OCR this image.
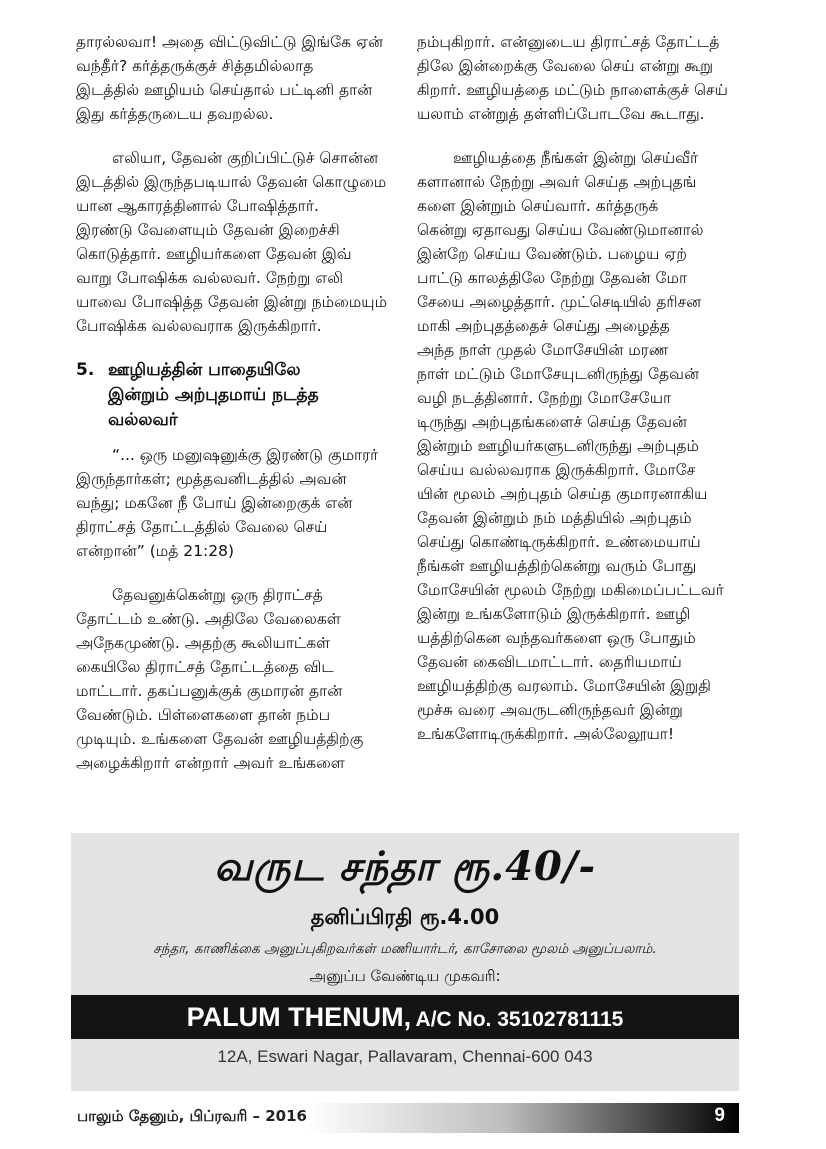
தாரல்லவா! அதை விட்டுவிட்டு இங்கே ஏன்
வந்தீர்? கர்த்தருக்குச் சித்தமில்லாத
இடத்தில் ஊழியம் செய்தால் பட்டினி தான்
இது கர்த்தருடைய தவறல்ல.
எலியா, தேவன் குறிப்பிட்டுச் சொன்ன
இடத்தில் இருந்தபடியால் தேவன் கொழுமை
யான ஆகாரத்தினால் போஷித்தார்.
இரண்டு வேளையும் தேவன் இறைச்சி
கொடுத்தார். ஊழியர்களை தேவன் இவ்
வாறு போஷிக்க வல்லவர். நேற்று எலி
யாவை போஷித்த தேவன் இன்று நம்மையும்
போஷிக்க வல்லவராக இருக்கிறார்.
5. ஊழியத்தின் பாதையிலே
இன்றும் அற்புதமாய் நடத்த
வல்லவர்
“... ஒரு மனுஷனுக்கு இரண்டு குமாரர்
இருந்தார்கள்; மூத்தவனிடத்தில் அவன்
வந்து; மகனே நீ போய் இன்றைகுக் என்
திராட்சத் தோட்டத்தில் வேலை செய்
என்றான்” (மத் 21:28)
தேவனுக்கென்று ஒரு திராட்சத்
தோட்டம் உண்டு. அதிலே வேலைகள்
அநேகமுண்டு. அதற்கு கூலியாட்கள்
கையிலே திராட்சத் தோட்டத்தை விட
மாட்டார். தகப்பனுக்குக் குமாரன் தான்
வேண்டும். பிள்ளைகளை தான் நம்ப
முடியும். உங்களை தேவன் ஊழியத்திற்கு
அழைக்கிறார் என்றார் அவர் உங்களை
நம்புகிறார். என்னுடைய திராட்சத் தோட்டத்
திலே இன்றைக்கு வேலை செய் என்று கூறு
கிறார். ஊழியத்தை மட்டும் நாளைக்குச் செய்
யலாம் என்றுத் தள்ளிப்போடவே கூடாது.
ஊழியத்தை நீங்கள் இன்று செய்வீர்
களானால் நேற்று அவர் செய்த அற்புதங்
களை இன்றும் செய்வார். கர்த்தருக்
கென்று ஏதாவது செய்ய வேண்டுமானால்
இன்றே செய்ய வேண்டும். பழைய ஏற்
பாட்டு காலத்திலே நேற்று தேவன் மோ
சேயை அழைத்தார். முட்செடியில் தரிசன
மாகி அற்புதத்தைச் செய்து அழைத்த
அந்த நாள் முதல் மோசேயின் மரண
நாள் மட்டும் மோசேயுடனிருந்து தேவன்
வழி நடத்தினார். நேற்று மோசேயோ
டிருந்து அற்புதங்களைச் செய்த தேவன்
இன்றும் ஊழியர்களுடனிருந்து அற்புதம்
செய்ய வல்லவராக இருக்கிறார். மோசே
யின் மூலம் அற்புதம் செய்த குமாரனாகிய
தேவன் இன்றும் நம் மத்தியில் அற்புதம்
செய்து கொண்டிருக்கிறார். உண்மையாய்
நீங்கள் ஊழியத்திற்கென்று வரும் போது
மோசேயின் மூலம் நேற்று மகிமைப்பட்டவர்
இன்று உங்களோடும் இருக்கிறார். ஊழி
யத்திற்கென வந்தவர்களை ஒரு போதும்
தேவன் கைவிடமாட்டார். தைரியமாய்
ஊழியத்திற்கு வரலாம். மோசேயின் இறுதி
மூச்சு வரை அவருடனிருந்தவர் இன்று
உங்களோடிருக்கிறார். அல்லேலூயா!
வருட சந்தா ரூ.40/-
தனிப்பிரதி ரூ.4.00
சந்தா, காணிக்கை அனுப்புகிறவர்கள் மணியார்டர், காசோலை மூலம் அனுப்பலாம்.
அனுப்ப வேண்டிய முகவரி:
PALUM THENUM, A/C No. 35102781115
12A, Eswari Nagar, Pallavaram, Chennai-600 043
பாலும் தேனும், பிப்ரவரி – 2016	9
